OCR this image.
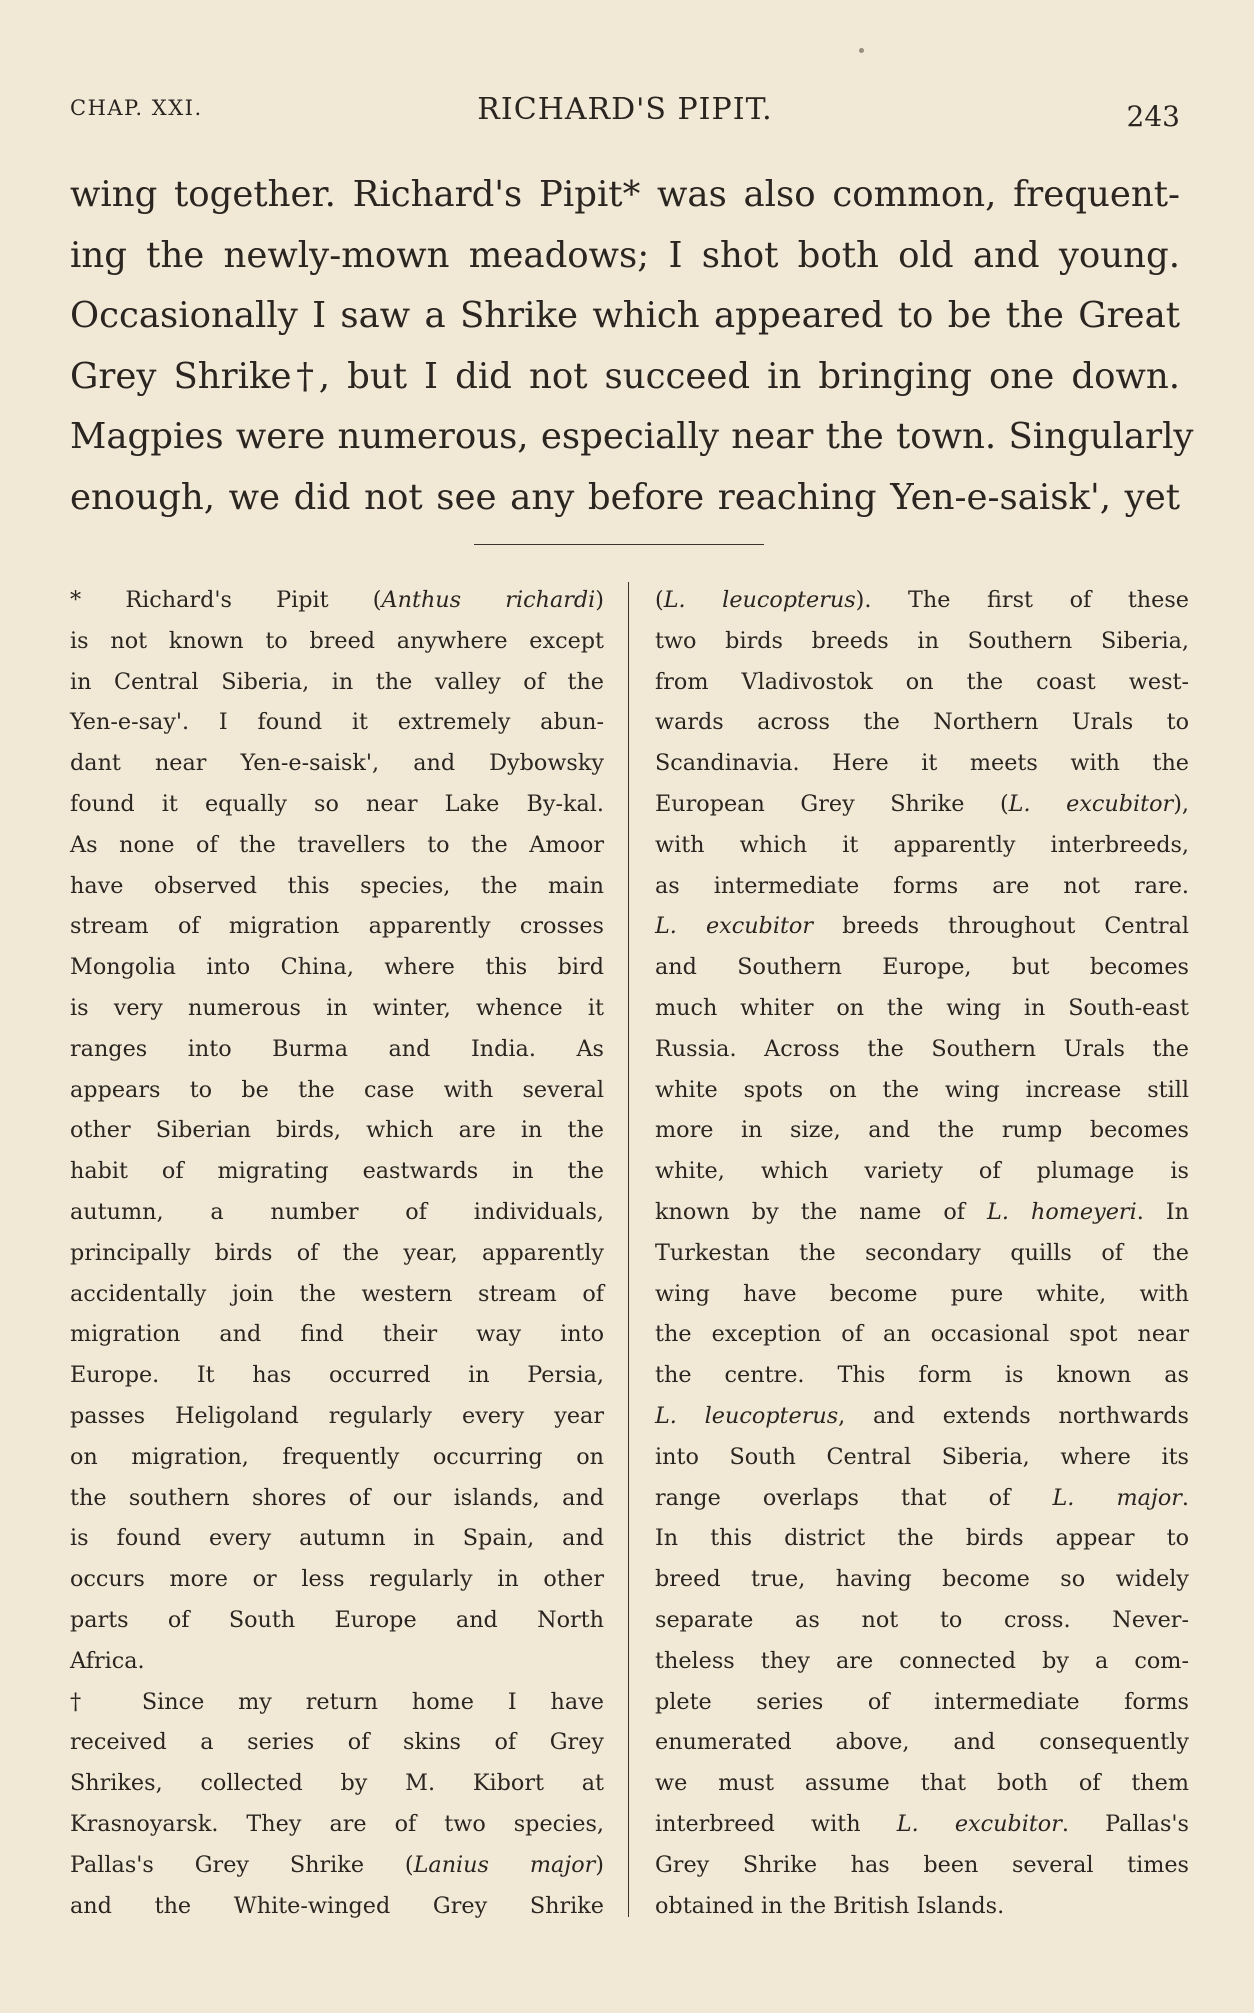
CHAP. XXI.	RICHARD'S PIPIT.	243
wing together. Richard's Pipit* was also common, frequent-
ing the newly-mown meadows; I shot both old and young.
Occasionally I saw a Shrike which appeared to be the Great
Grey Shrike†, but I did not succeed in bringing one down.
Magpies were numerous, especially near the town. Singularly
enough, we did not see any before reaching Yen-e-saisk', yet
* Richard's Pipit (Anthus richardi)
is not known to breed anywhere except
in Central Siberia, in the valley of the
Yen-e-say'. I found it extremely abun-
dant near Yen-e-saisk', and Dybowsky
found it equally so near Lake By-kal.
As none of the travellers to the Amoor
have observed this species, the main
stream of migration apparently crosses
Mongolia into China, where this bird
is very numerous in winter, whence it
ranges into Burma and India. As
appears to be the case with several
other Siberian birds, which are in the
habit of migrating eastwards in the
autumn, a number of individuals,
principally birds of the year, apparently
accidentally join the western stream of
migration and find their way into
Europe. It has occurred in Persia,
passes Heligoland regularly every year
on migration, frequently occurring on
the southern shores of our islands, and
is found every autumn in Spain, and
occurs more or less regularly in other
parts of South Europe and North
Africa.
† Since my return home I have
received a series of skins of Grey
Shrikes, collected by M. Kibort at
Krasnoyarsk. They are of two species,
Pallas's Grey Shrike (Lanius major)
and the White-winged Grey Shrike
(L. leucopterus). The first of these
two birds breeds in Southern Siberia,
from Vladivostok on the coast west-
wards across the Northern Urals to
Scandinavia. Here it meets with the
European Grey Shrike (L. excubitor),
with which it apparently interbreeds,
as intermediate forms are not rare.
L. excubitor breeds throughout Central
and Southern Europe, but becomes
much whiter on the wing in South-east
Russia. Across the Southern Urals the
white spots on the wing increase still
more in size, and the rump becomes
white, which variety of plumage is
known by the name of L. homeyeri. In
Turkestan the secondary quills of the
wing have become pure white, with
the exception of an occasional spot near
the centre. This form is known as
L. leucopterus, and extends northwards
into South Central Siberia, where its
range overlaps that of L. major.
In this district the birds appear to
breed true, having become so widely
separate as not to cross. Never-
theless they are connected by a com-
plete series of intermediate forms
enumerated above, and consequently
we must assume that both of them
interbreed with L. excubitor. Pallas's
Grey Shrike has been several times
obtained in the British Islands.
